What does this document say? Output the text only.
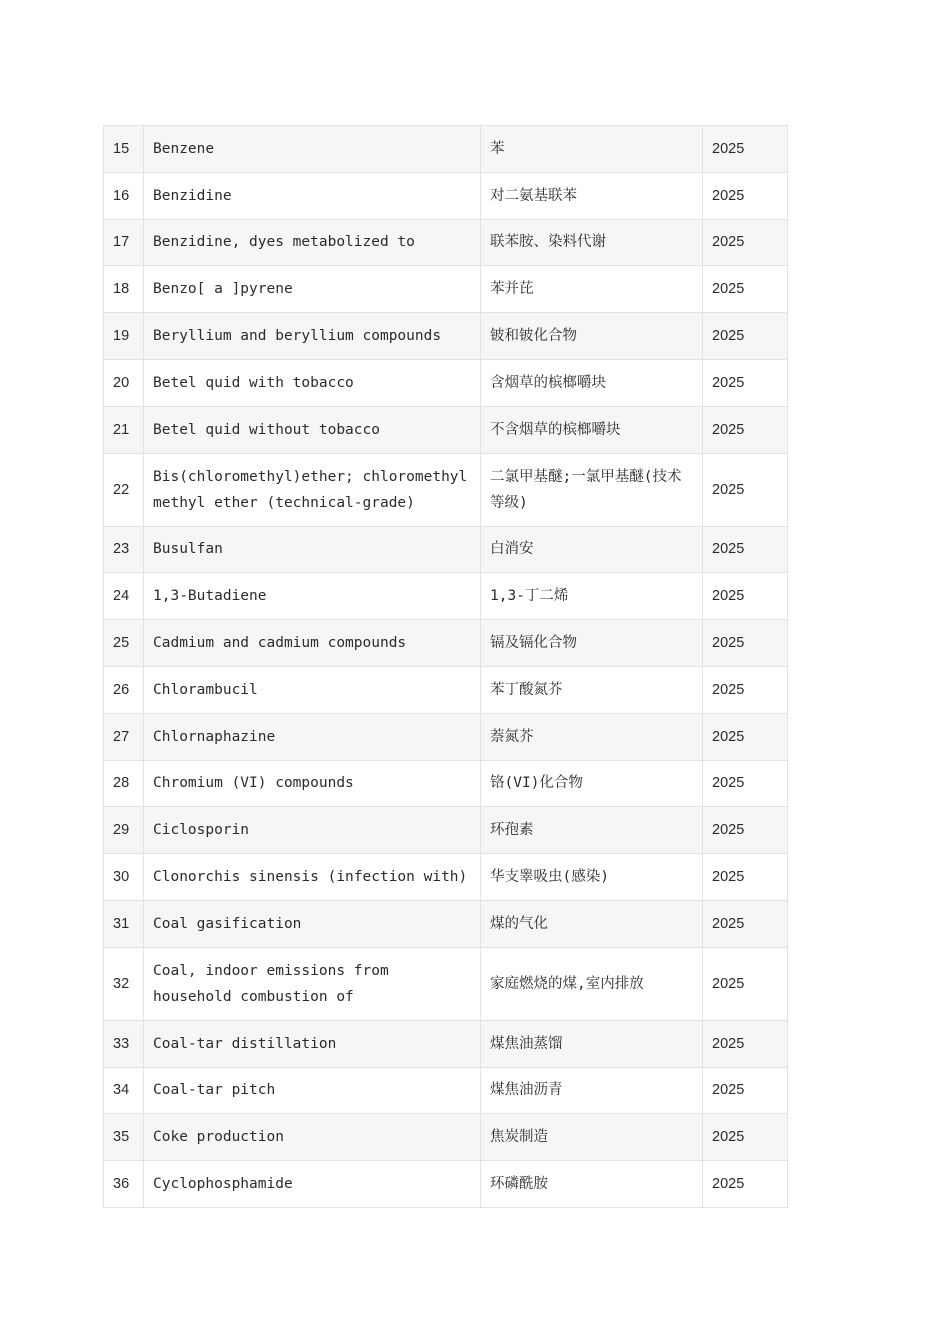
15	Benzene	苯	2025
16	Benzidine	对二氨基联苯	2025
17	Benzidine, dyes metabolized to	联苯胺、染料代谢	2025
18	Benzo[ a ]pyrene	苯并芘	2025
19	Beryllium and beryllium compounds	铍和铍化合物	2025
20	Betel quid with tobacco	含烟草的槟榔嚼块	2025
21	Betel quid without tobacco	不含烟草的槟榔嚼块	2025
22	Bis(chloromethyl)ether; chloromethyl methyl ether (technical-grade)	二氯甲基醚;一氯甲基醚(技术等级)	2025
23	Busulfan	白消安	2025
24	1,3-Butadiene	1,3-丁二烯	2025
25	Cadmium and cadmium compounds	镉及镉化合物	2025
26	Chlorambucil	苯丁酸氮芥	2025
27	Chlornaphazine	萘氮芥	2025
28	Chromium (VI) compounds	铬(VI)化合物	2025
29	Ciclosporin	环孢素	2025
30	Clonorchis sinensis (infection with)	华支睾吸虫(感染)	2025
31	Coal gasification	煤的气化	2025
32	Coal, indoor emissions from household combustion of	家庭燃烧的煤,室内排放	2025
33	Coal-tar distillation	煤焦油蒸馏	2025
34	Coal-tar pitch	煤焦油沥青	2025
35	Coke production	焦炭制造	2025
36	Cyclophosphamide	环磷酰胺	2025
